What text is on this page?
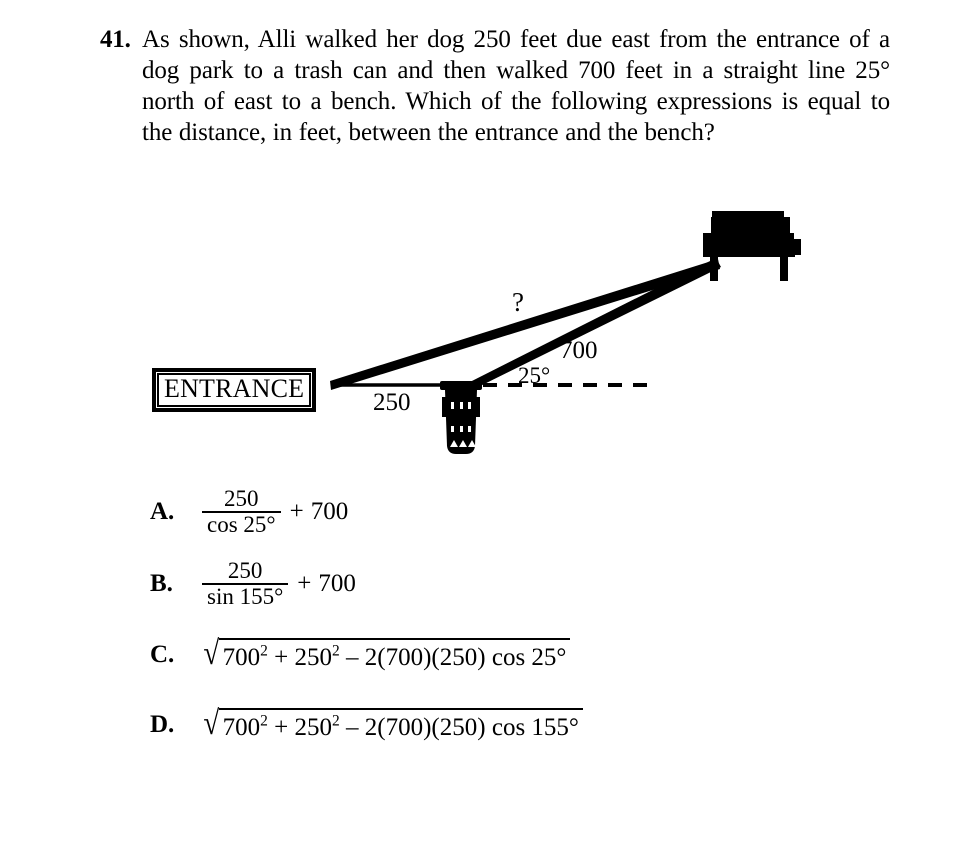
41. As shown, Alli walked her dog 250 feet due east from the entrance of a dog park to a trash can and then walked 700 feet in a straight line 25° north of east to a bench. Which of the following expressions is equal to the distance, in feet, between the entrance and the bench?
ENTRANCE
?
700
25°
250
A.	$\frac{250}{\cos 25^\circ} + 700$
B.	$\frac{250}{\sin 155^\circ} + 700$
C. √ $700^2 + 250^2 - 2(700)(250)$ cos 25°
D. √ $700^2 + 250^2 - 2(700)(250)$ cos 155°
